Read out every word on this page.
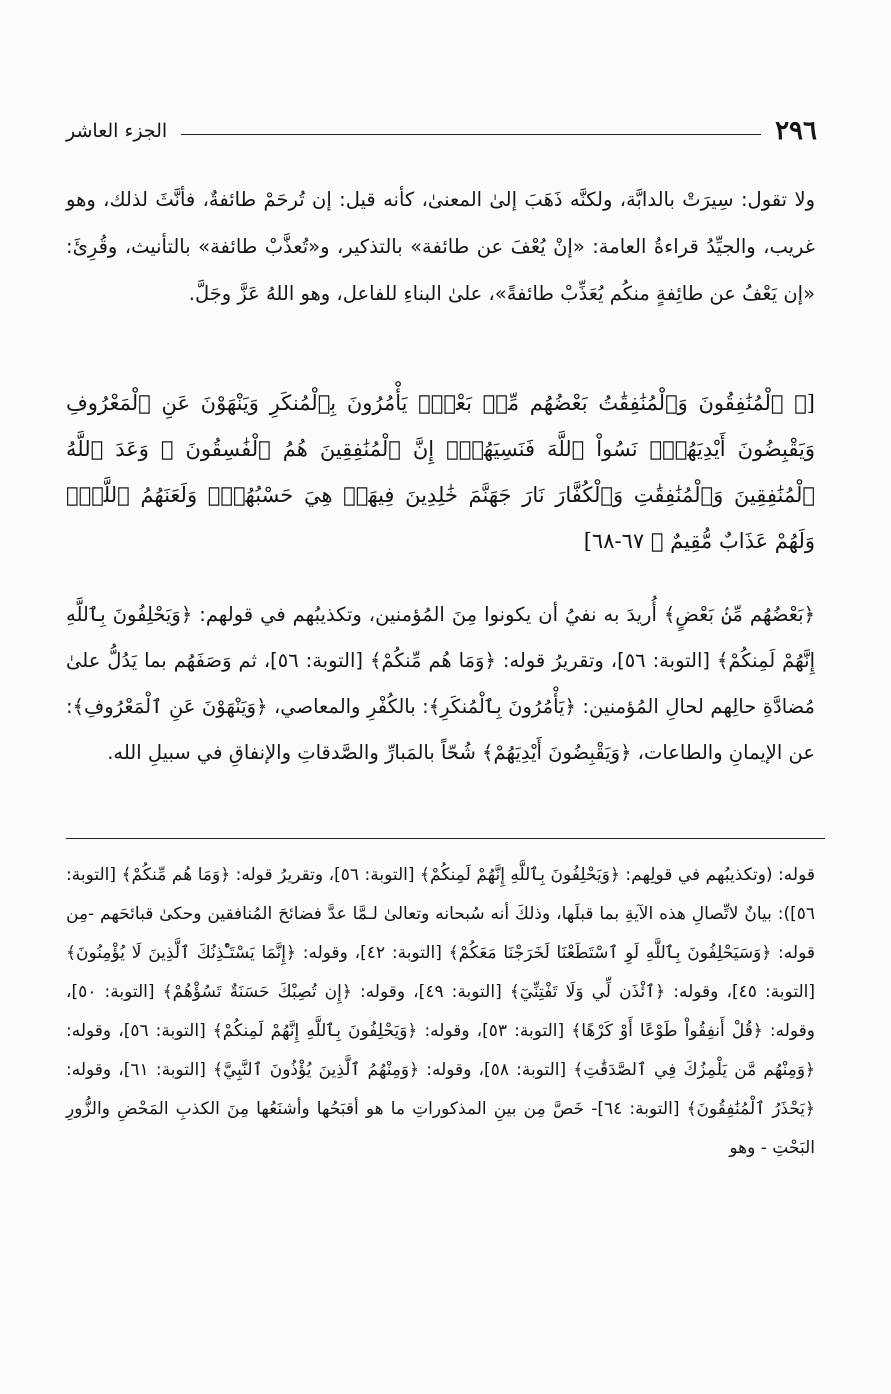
٢٩٦
الجزء العاشر

ولا تقول: سِيرَتْ بالدابَّة، ولكنَّه ذَهَبَ إلىٰ المعنىٰ، كأنه قيل: إن تُرحَمْ طائفةٌ، فأنَّثَ لذلك، وهو غريب، والجيِّدُ قراءةُ العامة: «إنْ يُعْفَ عن طائفة» بالتذكير، و«تُعذَّبْ طائفة» بالتأنيث، وقُرِئَ: «إن يَعْفُ عن طائِفةٍ منكُم يُعَذِّبْ طائفةً»، علىٰ البناءِ للفاعل، وهو اللهُ عَزَّ وجَلَّ.

[﴿ ٱلْمُنَٰفِقُونَ وَٱلْمُنَٰفِقَٰتُ بَعْضُهُم مِّنۢ بَعْضٍۚ يَأْمُرُونَ بِٱلْمُنكَرِ وَيَنْهَوْنَ عَنِ ٱلْمَعْرُوفِ وَيَقْبِضُونَ أَيْدِيَهُمْۚ نَسُواْ ٱللَّهَ فَنَسِيَهُمْۗ إِنَّ ٱلْمُنَٰفِقِينَ هُمُ ٱلْفَٰسِقُونَ ۞ وَعَدَ ٱللَّهُ ٱلْمُنَٰفِقِينَ وَٱلْمُنَٰفِقَٰتِ وَٱلْكُفَّارَ نَارَ جَهَنَّمَ خَٰلِدِينَ فِيهَاۚ هِيَ حَسْبُهُمْۚ وَلَعَنَهُمُ ٱللَّهُۖ وَلَهُمْ عَذَابٌ مُّقِيمٌ ﴾ ٦٧-٦٨]

﴿بَعْضُهُم مِّنۢ بَعْضٍ﴾ أُريدَ به نفيُ أن يكونوا مِنَ المُؤمنين، وتكذيبُهم في قولهم: ﴿وَيَحْلِفُونَ بِٱللَّهِ إِنَّهُمْ لَمِنكُمْ﴾ [التوبة: ٥٦]، وتقريرُ قوله: ﴿وَمَا هُم مِّنكُمْ﴾ [التوبة: ٥٦]، ثم وَصَفَهُم بما يَدُلُّ علىٰ مُضادَّةِ حالِهم لحالِ المُؤمنين: ﴿يَأْمُرُونَ بِٱلْمُنكَرِ﴾: بالكُفْرِ والمعاصي، ﴿وَيَنْهَوْنَ عَنِ ٱلْمَعْرُوفِ﴾: عن الإيمانِ والطاعات، ﴿وَيَقْبِضُونَ أَيْدِيَهُمْ﴾ شُحّاً بالمَبارِّ والصَّدقاتِ والإنفاقِ في سبيلِ الله.

قوله: (وتكذيبُهم في قولِهم: ﴿وَيَحْلِفُونَ بِٱللَّهِ إِنَّهُمْ لَمِنكُمْ﴾ [التوبة: ٥٦]، وتقريرُ قوله: ﴿وَمَا هُم مِّنكُمْ﴾ [التوبة: ٥٦]): بيانٌ لاتِّصالِ هذه الآيةِ بما قبلَها، وذلكَ أنه سُبحانه وتعالىٰ لـمَّا عدَّ فضائحَ المُنافقين وحكىٰ قبائحَهم -مِن قوله: ﴿وَسَيَحْلِفُونَ بِٱللَّهِ لَوِ ٱسْتَطَعْنَا لَخَرَجْنَا مَعَكُمْ﴾ [التوبة: ٤٢]، وقوله: ﴿إِنَّمَا يَسْتَـْٔذِنُكَ ٱلَّذِينَ لَا يُؤْمِنُونَ﴾ [التوبة: ٤٥]، وقوله: ﴿ٱئْذَن لِّي وَلَا تَفْتِنِّيٓ﴾ [التوبة: ٤٩]، وقوله: ﴿إِن تُصِبْكَ حَسَنَةٌ تَسُؤْهُمْ﴾ [التوبة: ٥٠]، وقوله: ﴿قُلْ أَنفِقُواْ طَوْعًا أَوْ كَرْهًا﴾ [التوبة: ٥٣]، وقوله: ﴿وَيَحْلِفُونَ بِٱللَّهِ إِنَّهُمْ لَمِنكُمْ﴾ [التوبة: ٥٦]، وقوله: ﴿وَمِنْهُم مَّن يَلْمِزُكَ فِي ٱلصَّدَقَٰتِ﴾ [التوبة: ٥٨]، وقوله: ﴿وَمِنْهُمُ ٱلَّذِينَ يُؤْذُونَ ٱلنَّبِيَّ﴾ [التوبة: ٦١]، وقوله: ﴿يَحْذَرُ ٱلْمُنَٰفِقُونَ﴾ [التوبة: ٦٤]- خَصَّ مِن بينِ المذكوراتِ ما هو أقبَحُها وأشنَعُها مِنَ الكذبِ المَحْضِ والزُّورِ البَحْتِ - وهو
